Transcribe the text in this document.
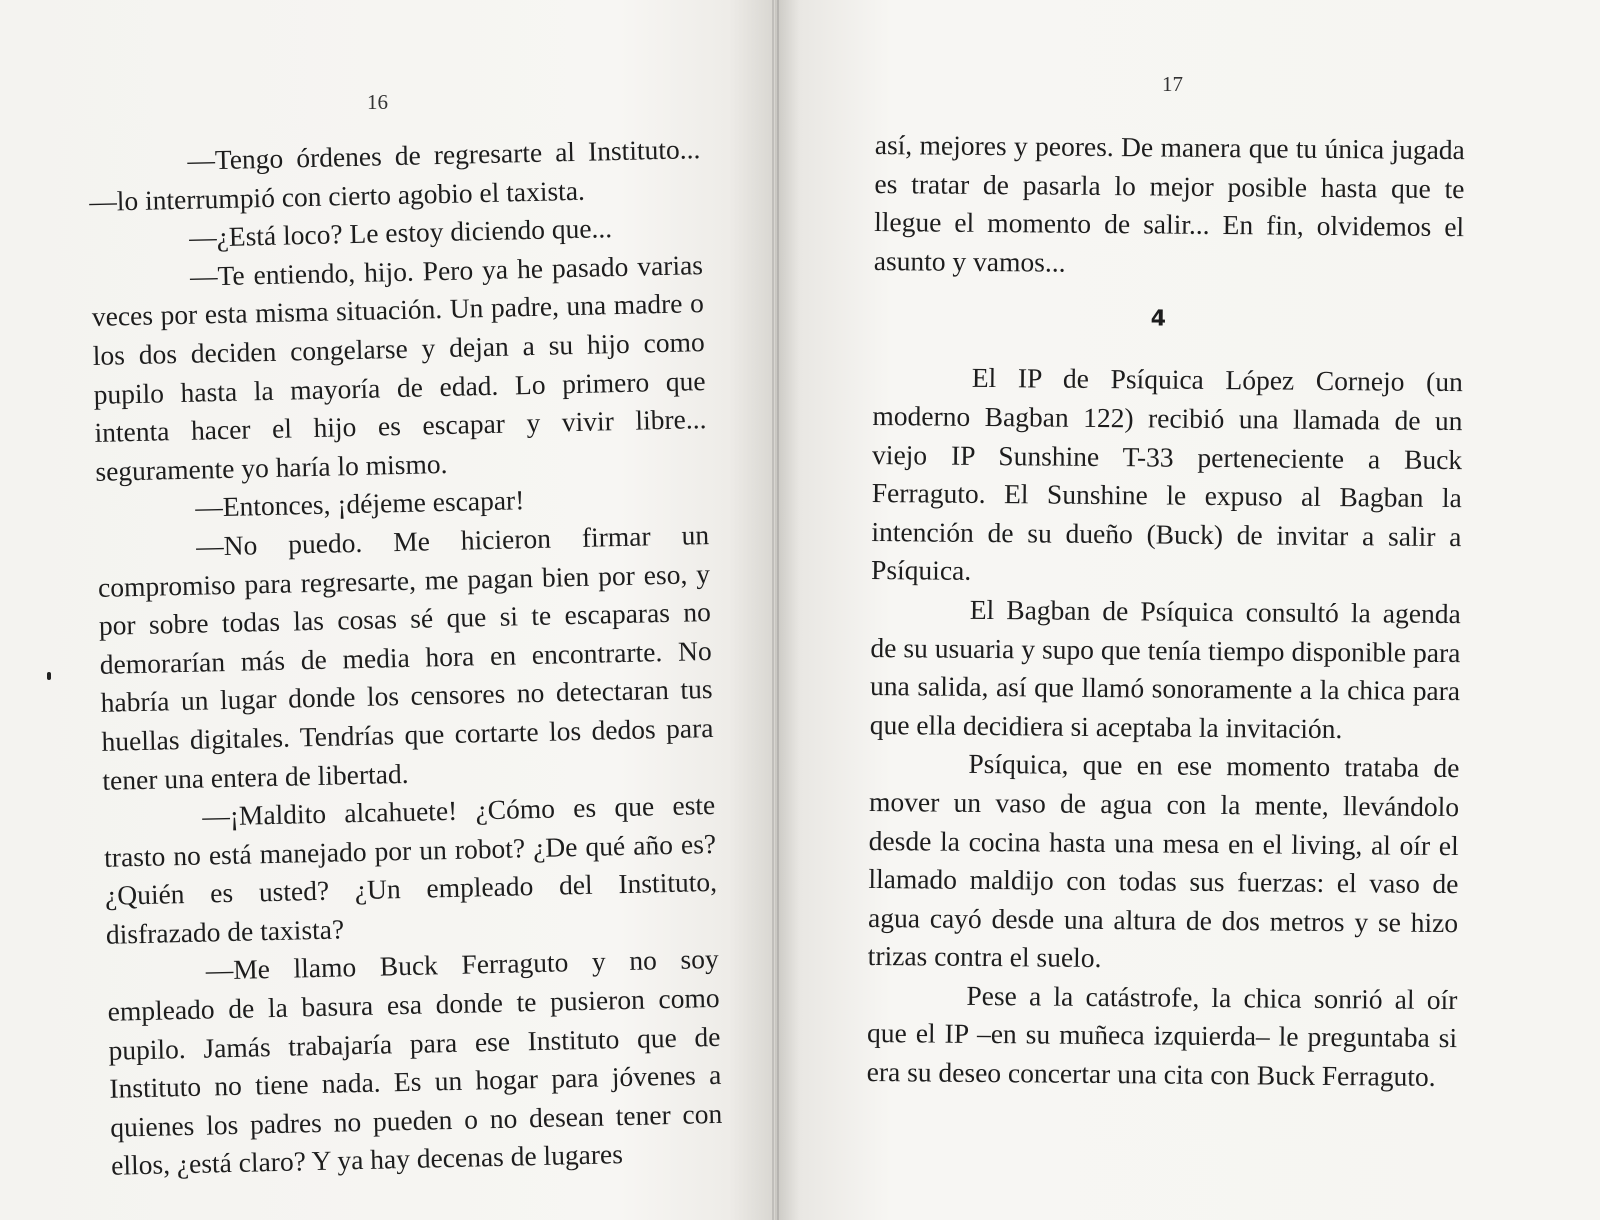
16

—Tengo órdenes de regresarte al Instituto... —lo interrumpió con cierto agobio el taxista.

—¿Está loco? Le estoy diciendo que...

—Te entiendo, hijo. Pero ya he pasado varias veces por esta misma situación. Un padre, una madre o los dos deciden congelarse y dejan a su hijo como pupilo hasta la mayoría de edad. Lo primero que intenta hacer el hijo es escapar y vivir libre... seguramente yo haría lo mismo.

—Entonces, ¡déjeme escapar!

—No puedo. Me hicieron firmar un compromiso para regresarte, me pagan bien por eso, y por sobre todas las cosas sé que si te escaparas no demorarían más de media hora en encontrarte. No habría un lugar donde los censores no detectaran tus huellas digitales. Tendrías que cortarte los dedos para tener una entera de libertad.

—¡Maldito alcahuete! ¿Cómo es que este trasto no está manejado por un robot? ¿De qué año es? ¿Quién es usted? ¿Un empleado del Instituto, disfrazado de taxista?

—Me llamo Buck Ferraguto y no soy empleado de la basura esa donde te pusieron como pupilo. Jamás trabajaría para ese Instituto que de Instituto no tiene nada. Es un hogar para jóvenes a quienes los padres no pueden o no desean tener con ellos, ¿está claro? Y ya hay decenas de lugares

17

así, mejores y peores. De manera que tu única jugada es tratar de pasarla lo mejor posible hasta que te llegue el momento de salir... En fin, olvidemos el asunto y vamos...

4

El IP de Psíquica López Cornejo (un moderno Bagban 122) recibió una llamada de un viejo IP Sunshine T-33 perteneciente a Buck Ferraguto. El Sunshine le expuso al Bagban la intención de su dueño (Buck) de invitar a salir a Psíquica.

El Bagban de Psíquica consultó la agenda de su usuaria y supo que tenía tiempo disponible para una salida, así que llamó sonoramente a la chica para que ella decidiera si aceptaba la invitación.

Psíquica, que en ese momento trataba de mover un vaso de agua con la mente, llevándolo desde la cocina hasta una mesa en el living, al oír el llamado maldijo con todas sus fuerzas: el vaso de agua cayó desde una altura de dos metros y se hizo trizas contra el suelo.

Pese a la catástrofe, la chica sonrió al oír que el IP –en su muñeca izquierda– le preguntaba si era su deseo concertar una cita con Buck Ferraguto.
